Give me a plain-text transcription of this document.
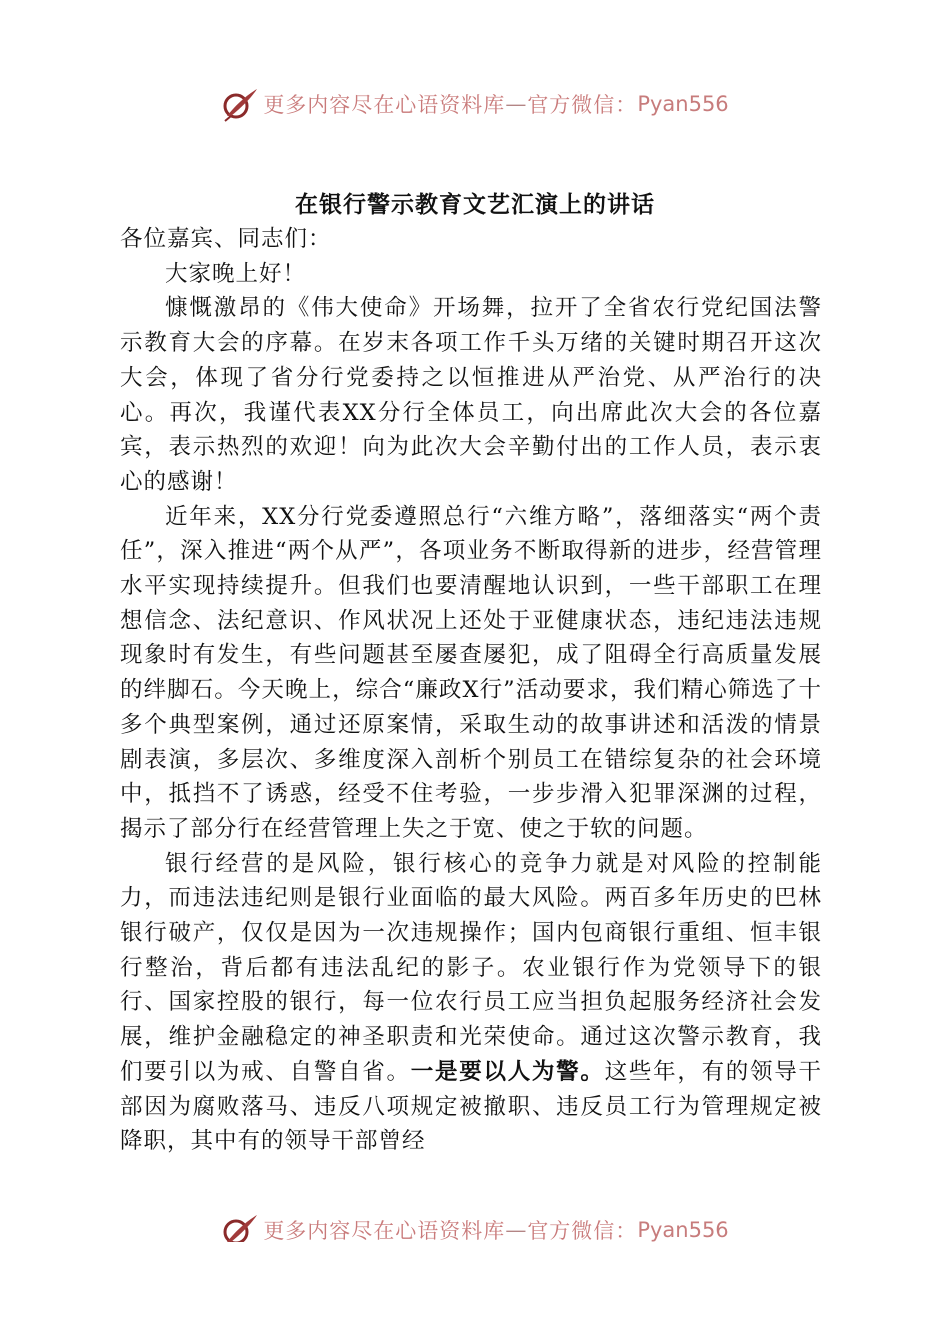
更多内容尽在心语资料库 — 官方微信： Pyan556
在银行警示教育文艺汇演上的讲话

各位嘉宾、同志们：

大家晚上好！

慷慨激昂的《伟大使命》开场舞，拉开了全省农行党纪国法警示教育大会的序幕。在岁末各项工作千头万绪的关键时期召开这次大会，体现了省分行党委持之以恒推进从严治党、从严治行的决心。再次，我谨代表XX分行全体员工，向出席此次大会的各位嘉宾，表示热烈的欢迎！向为此次大会辛勤付出的工作人员，表示衷心的感谢！

近年来，XX分行党委遵照总行“六维方略”，落细落实“两个责任”，深入推进“两个从严”，各项业务不断取得新的进步，经营管理水平实现持续提升。但我们也要清醒地认识到，一些干部职工在理想信念、法纪意识、作风状况上还处于亚健康状态，违纪违法违规现象时有发生，有些问题甚至屡查屡犯，成了阻碍全行高质量发展的绊脚石。今天晚上，综合“廉政X行”活动要求，我们精心筛选了十多个典型案例，通过还原案情，采取生动的故事讲述和活泼的情景剧表演，多层次、多维度深入剖析个别员工在错综复杂的社会环境中，抵挡不了诱惑，经受不住考验，一步步滑入犯罪深渊的过程，揭示了部分行在经营管理上失之于宽、使之于软的问题。

银行经营的是风险，银行核心的竞争力就是对风险的控制能力，而违法违纪则是银行业面临的最大风险。两百多年历史的巴林银行破产，仅仅是因为一次违规操作；国内包商银行重组、恒丰银行整治，背后都有违法乱纪的影子。农业银行作为党领导下的银行、国家控股的银行，每一位农行员工应当担负起服务经济社会发展，维护金融稳定的神圣职责和光荣使命。通过这次警示教育，我们要引以为戒、自警自省。一是要以人为警。这些年，有的领导干部因为腐败落马、违反八项规定被撤职、违反员工行为管理规定被降职，其中有的领导干部曾经

更多内容尽在心语资料库 — 官方微信： Pyan556
